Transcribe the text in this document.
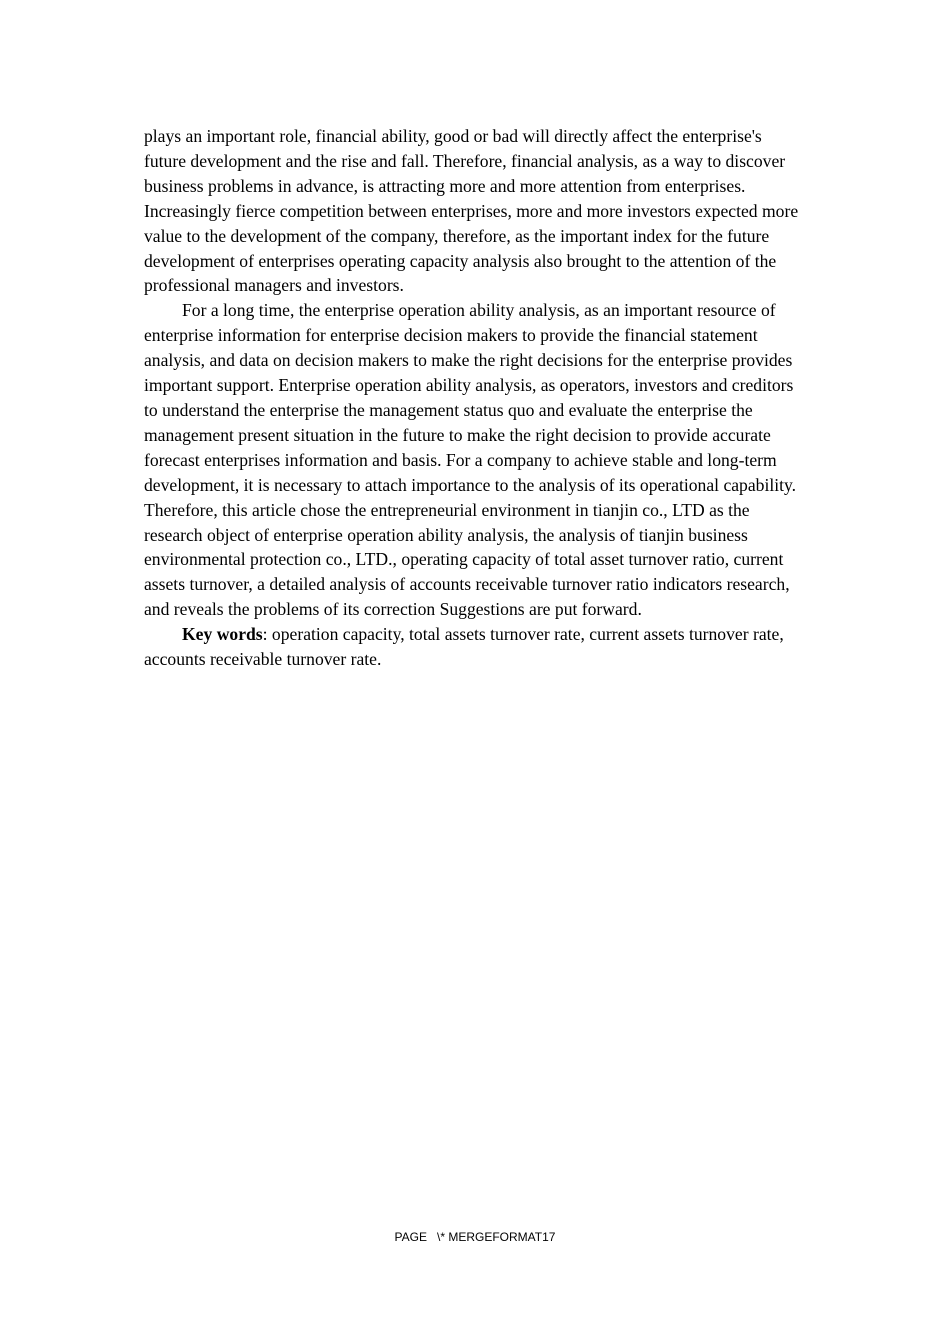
plays an important role, financial ability, good or bad will directly affect the enterprise's future development and the rise and fall. Therefore, financial analysis, as a way to discover business problems in advance, is attracting more and more attention from enterprises. Increasingly fierce competition between enterprises, more and more investors expected more value to the development of the company, therefore, as the important index for the future development of enterprises operating capacity analysis also brought to the attention of the professional managers and investors.

For a long time, the enterprise operation ability analysis, as an important resource of enterprise information for enterprise decision makers to provide the financial statement analysis, and data on decision makers to make the right decisions for the enterprise provides important support. Enterprise operation ability analysis, as operators, investors and creditors to understand the enterprise the management status quo and evaluate the enterprise the management present situation in the future to make the right decision to provide accurate forecast enterprises information and basis. For a company to achieve stable and long-term development, it is necessary to attach importance to the analysis of its operational capability. Therefore, this article chose the entrepreneurial environment in tianjin co., LTD as the research object of enterprise operation ability analysis, the analysis of tianjin business environmental protection co., LTD., operating capacity of total asset turnover ratio, current assets turnover, a detailed analysis of accounts receivable turnover ratio indicators research, and reveals the problems of its correction Suggestions are put forward.

Key words: operation capacity, total assets turnover rate, current assets turnover rate, accounts receivable turnover rate.

PAGE   \* MERGEFORMAT17
